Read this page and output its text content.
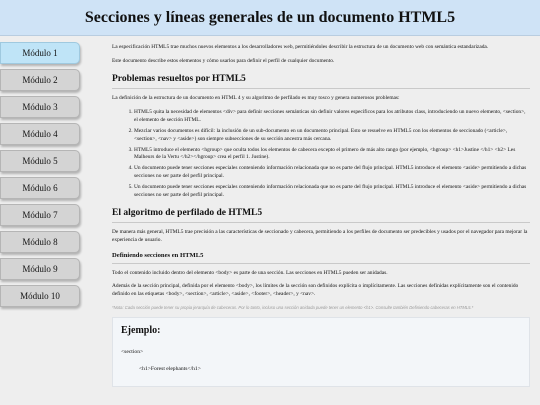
Secciones y líneas generales de un documento HTML5
Módulo 1
Módulo 2
Módulo 3
Módulo 4
Módulo 5
Módulo 6
Módulo 7
Módulo 8
Módulo 9
Módulo 10

La especificación HTML5 trae muchos nuevos elementos a los desarrolladores web, permitiéndoles describir la estructura de un documento web con semántica estandarizada.

Este documento describe estos elementos y cómo usarlos para definir el perfil de cualquier documento.

Problemas resueltos por HTML5

La definición de la estructura de un documento en HTML 4 y su algoritmo de perfilado es muy tosco y genera numerosos problemas:

1. HTML5 quita la necesidad de elementos <div> para definir secciones semánticas sin definir valores específicos para los atributos class, introduciendo un nuevo elemento, <section>, el elemento de sección HTML.
2. Mezclar varios documentos es difícil: la inclusión de un sub-documento en un documento principal. Esto se resuelve en HTML5 con los elementos de seccionado (<article>, <section>, <nav> y <aside>) son siempre subsecciones de su sección ancestra más cercana.
3. HTML5 introduce el elemento <hgroup> que oculta todos los elementos de cabecera excepto el primero de más alto rango (por ejemplo, <hgroup> <h1>Justine </h1> <h2> Les Malheurs de la Vertu </h2></hgroup> crea el perfil 1. Justine).
4. Un documento puede tener secciones especiales conteniendo información relacionada que no es parte del flujo principal. HTML5 introduce el elemento <aside> permitiendo a dichas secciones no ser parte del perfil principal.
5. Un documento puede tener secciones especiales conteniendo información relacionada que no es parte del flujo principal. HTML5 introduce el elemento <aside> permitiendo a dichas secciones no ser parte del perfil principal.
El algoritmo de perfilado de HTML5

De manera más general, HTML5 trae precisión a las características de seccionado y cabecera, permitiendo a los perfiles de documento ser predecibles y usados por el navegador para mejorar la experiencia de usuario.

Definiendo secciones en HTML5

Todo el contenido incluido dentro del elemento <body> es parte de una sección. Las secciones en HTML5 pueden ser anidadas.

Además de la sección principal, definida por el elemento <body>, los límites de la sección son definidos explícita o implícitamente. Las secciones definidas explícitamente son el contenido definido en las etiquetas <body>, <section>, <article>, <aside>, <footer>, <header>, y <nav>.

*Nota: Cada sección puede tener su propia jerarquía de cabeceras. Por lo tanto, incluso una sección anidada puede tener un elemento <h1>. Consulte también Definiendo cabeceras en HTML5.*

Ejemplo:
<section>
<h1>Forest elephants</h1>
